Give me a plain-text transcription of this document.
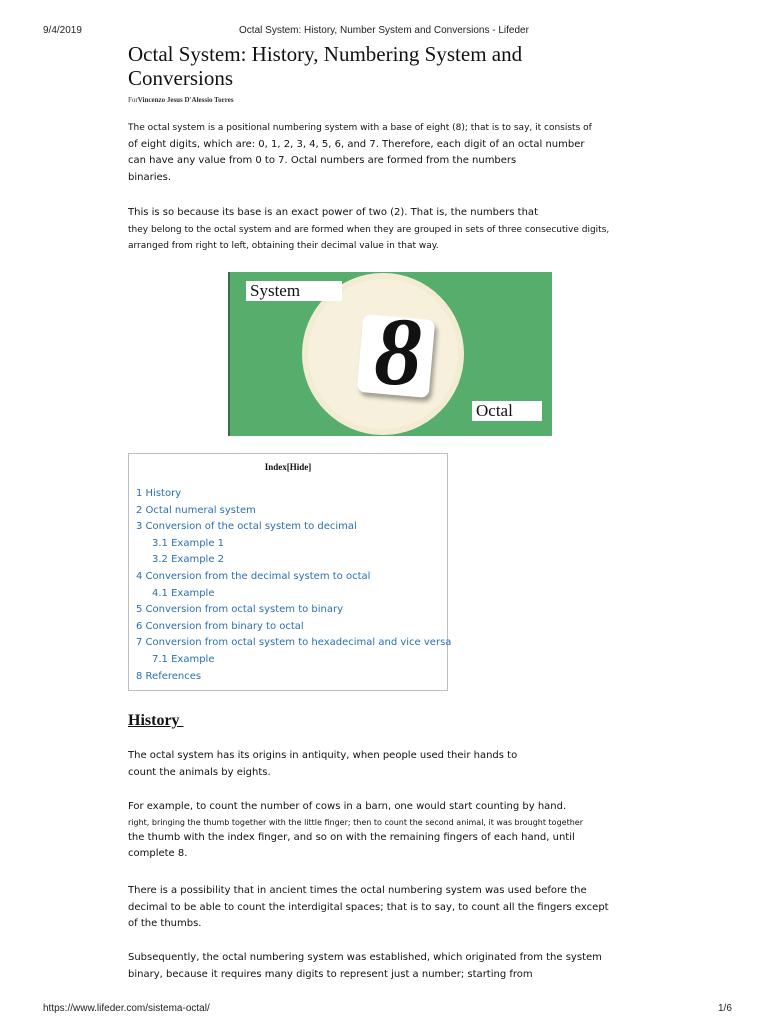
9/4/2019	Octal System: History, Number System and Conversions - Lifeder
Octal System: History, Numbering System and
Conversions
ForVincenzo Jesus D'Alessio Torres
The octal system is a positional numbering system with a base of eight (8); that is to say, it consists of
of eight digits, which are: 0, 1, 2, 3, 4, 5, 6, and 7. Therefore, each digit of an octal number
can have any value from 0 to 7. Octal numbers are formed from the numbers
binaries.
This is so because its base is an exact power of two (2). That is, the numbers that
they belong to the octal system and are formed when they are grouped in sets of three consecutive digits,
arranged from right to left, obtaining their decimal value in that way.
8
System
Octal
Index[Hide]
1 History
2 Octal numeral system
3 Conversion of the octal system to decimal
3.1 Example 1
3.2 Example 2
4 Conversion from the decimal system to octal
4.1 Example
5 Conversion from octal system to binary
6 Conversion from binary to octal
7 Conversion from octal system to hexadecimal and vice versa
7.1 Example
8 References
History
The octal system has its origins in antiquity, when people used their hands to
count the animals by eights.
For example, to count the number of cows in a barn, one would start counting by hand.
right, bringing the thumb together with the little finger; then to count the second animal, it was brought together
the thumb with the index finger, and so on with the remaining fingers of each hand, until
complete 8.
There is a possibility that in ancient times the octal numbering system was used before the
decimal to be able to count the interdigital spaces; that is to say, to count all the fingers except
of the thumbs.
Subsequently, the octal numbering system was established, which originated from the system
binary, because it requires many digits to represent just a number; starting from
https://www.lifeder.com/sistema-octal/	1/6
